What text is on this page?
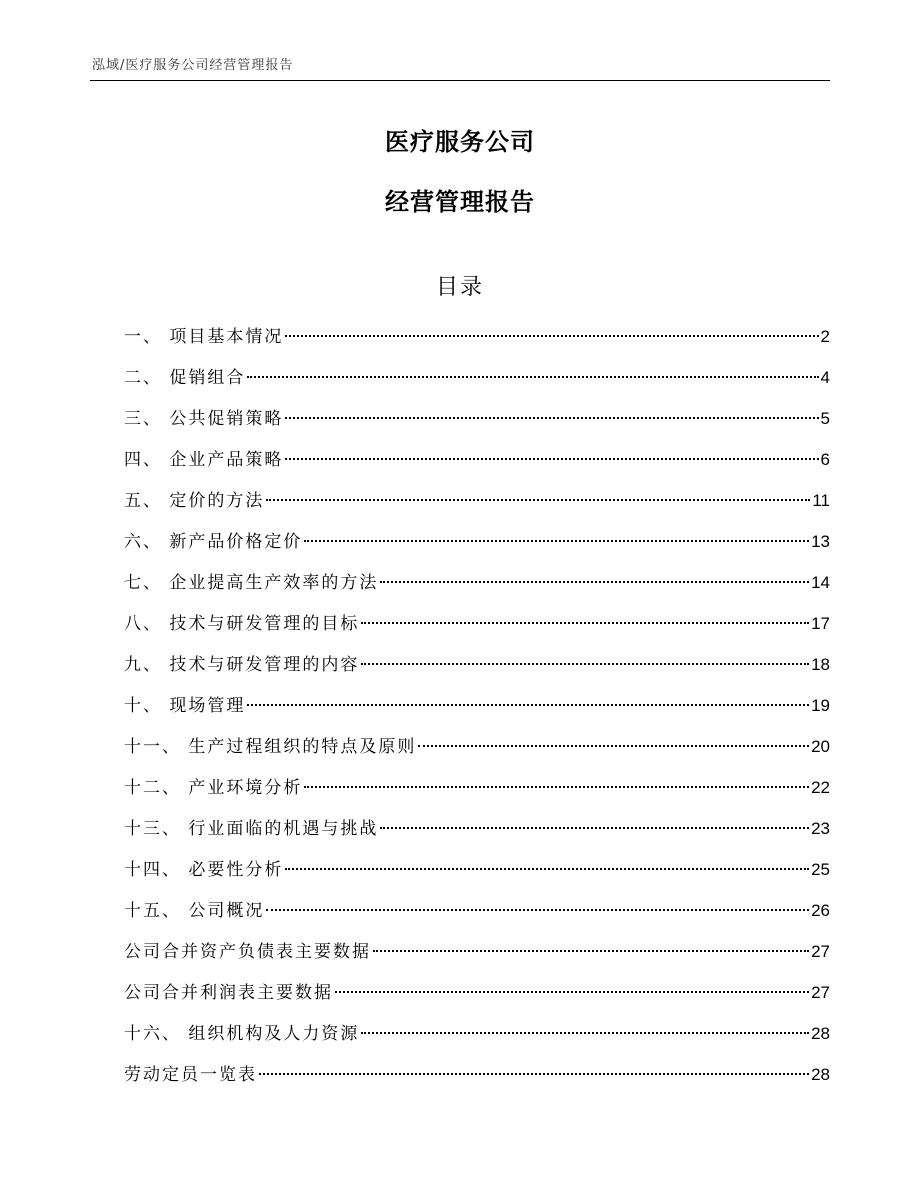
泓域/医疗服务公司经营管理报告
医疗服务公司
经营管理报告
目录
一、 项目基本情况	2
二、 促销组合	4
三、 公共促销策略	5
四、 企业产品策略	6
五、 定价的方法	11
六、 新产品价格定价	13
七、 企业提高生产效率的方法	14
八、 技术与研发管理的目标	17
九、 技术与研发管理的内容	18
十、 现场管理	19
十一、 生产过程组织的特点及原则	20
十二、 产业环境分析	22
十三、 行业面临的机遇与挑战	23
十四、 必要性分析	25
十五、 公司概况	26
公司合并资产负债表主要数据	27
公司合并利润表主要数据	27
十六、 组织机构及人力资源	28
劳动定员一览表	28
